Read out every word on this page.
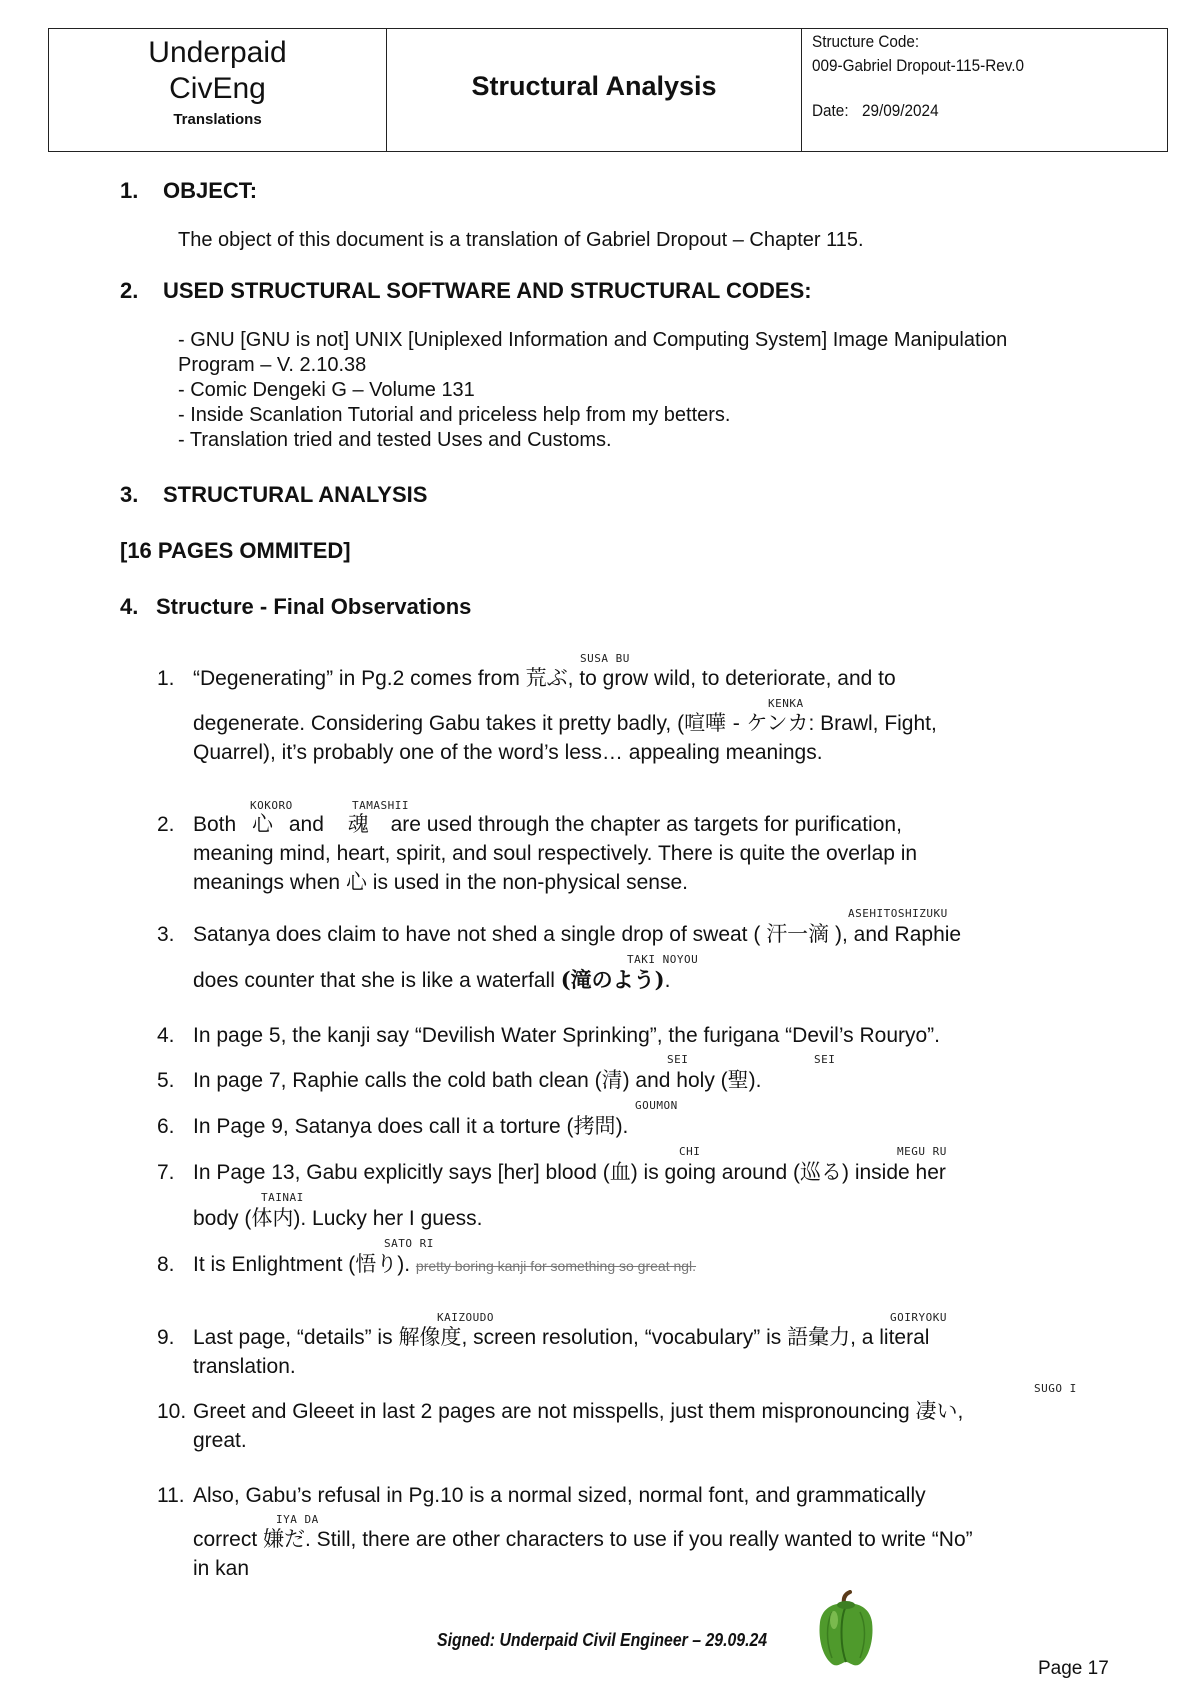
Underpaid
CivEng
Translations
Structural Analysis
Structure Code:
009-Gabriel Dropout-115-Rev.0
Date: 29/09/2024
1. OBJECT:
The object of this document is a translation of Gabriel Dropout – Chapter 115.
2. USED STRUCTURAL SOFTWARE AND STRUCTURAL CODES:
- GNU [GNU is not] UNIX [Uniplexed Information and Computing System] Image Manipulation
Program – V. 2.10.38
- Comic Dengeki G – Volume 131
- Inside Scanlation Tutorial and priceless help from my betters.
- Translation tried and tested Uses and Customs.
3. STRUCTURAL ANALYSIS
[16 PAGES OMMITED]
4. Structure - Final Observations
1.
SUSA BU
“Degenerating” in Pg.2 comes from 荒ぶ, to grow wild, to deteriorate, and to
KENKA
degenerate. Considering Gabu takes it pretty badly, (喧嘩 - ケンカ: Brawl, Fight,
Quarrel), it’s probably one of the word’s less… appealing meanings.
2.
KOKORO	TAMASHII
Both 心 and 魂 are used through the chapter as targets for purification,
meaning mind, heart, spirit, and soul respectively. There is quite the overlap in
meanings when 心 is used in the non-physical sense.
3.
ASEHITOSHIZUKU
Satanya does claim to have not shed a single drop of sweat ( 汗一滴 ), and Raphie
TAKI NOYOU
does counter that she is like a waterfall (滝のよう).
4. In page 5, the kanji say “Devilish Water Sprinking”, the furigana “Devil’s Rouryo”.
5.
SEI	SEI
In page 7, Raphie calls the cold bath clean (清) and holy (聖).
6.
GOUMON
In Page 9, Satanya does call it a torture (拷問).
7.
CHI	MEGU RU
In Page 13, Gabu explicitly says [her] blood (血) is going around (巡る) inside her
TAINAI
body (体内). Lucky her I guess.
8.
SATO RI
It is Enlightment (悟り). pretty boring kanji for something so great ngl.
9.
KAIZOUDO	GOIRYOKU
Last page, “details” is 解像度, screen resolution, “vocabulary” is 語彙力, a literal
translation.
10.
SUGO I
Greet and Gleeet in last 2 pages are not misspells, just them mispronouncing 凄い,
great.
11. Also, Gabu’s refusal in Pg.10 is a normal sized, normal font, and grammatically
IYA DA
correct 嫌だ. Still, there are other characters to use if you really wanted to write “No”
in kan
Signed: Underpaid Civil Engineer – 29.09.24
Page 17
